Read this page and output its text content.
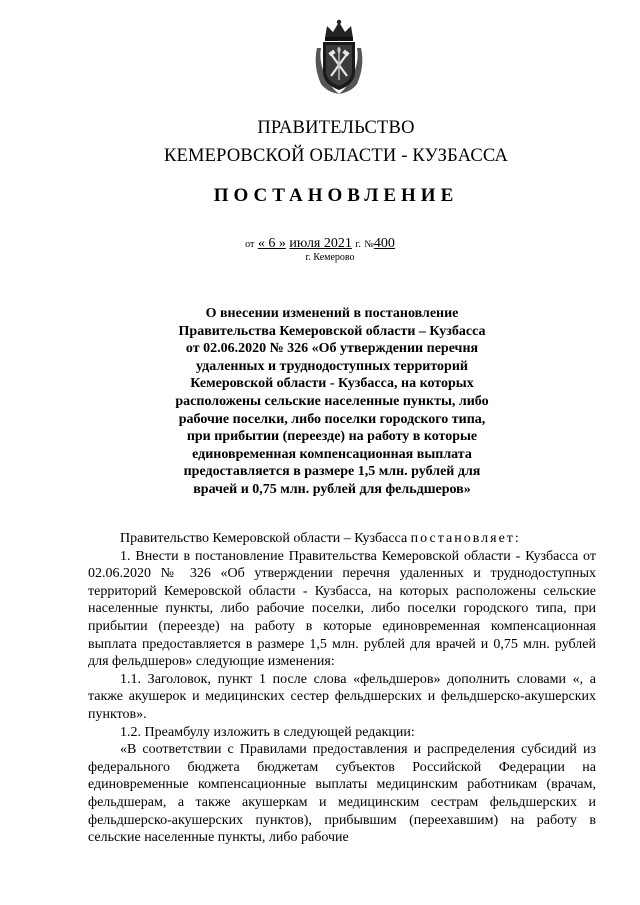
ПРАВИТЕЛЬСТВО
КЕМЕРОВСКОЙ ОБЛАСТИ - КУЗБАССА
ПОСТАНОВЛЕНИЕ
от « 6 » июля 2021 г. №400
г. Кемерово
О внесении изменений в постановление
Правительства Кемеровской области – Кузбасса
от 02.06.2020 № 326 «Об утверждении перечня
удаленных и труднодоступных территорий
Кемеровской области - Кузбасса, на которых
расположены сельские населенные пункты, либо
рабочие поселки, либо поселки городского типа,
при прибытии (переезде) на работу в которые
единовременная компенсационная выплата
предоставляется в размере 1,5 млн. рублей для
врачей и 0,75 млн. рублей для фельдшеров»

Правительство Кемеровской области – Кузбасса постановляет:

1. Внести в постановление Правительства Кемеровской области - Кузбасса от 02.06.2020 № 326 «Об утверждении перечня удаленных и труднодоступных территорий Кемеровской области - Кузбасса, на которых расположены сельские населенные пункты, либо рабочие поселки, либо поселки городского типа, при прибытии (переезде) на работу в которые единовременная компенсационная выплата предоставляется в размере 1,5 млн. рублей для врачей и 0,75 млн. рублей для фельдшеров» следующие изменения:

1.1. Заголовок, пункт 1 после слова «фельдшеров» дополнить словами «, а также акушерок и медицинских сестер фельдшерских и фельдшерско-акушерских пунктов».

1.2. Преамбулу изложить в следующей редакции:

«В соответствии с Правилами предоставления и распределения субсидий из федерального бюджета бюджетам субъектов Российской Федерации на единовременные компенсационные выплаты медицинским работникам (врачам, фельдшерам, а также акушеркам и медицинским сестрам фельдшерских и фельдшерско-акушерских пунктов), прибывшим (переехавшим) на работу в сельские населенные пункты, либо рабочие
